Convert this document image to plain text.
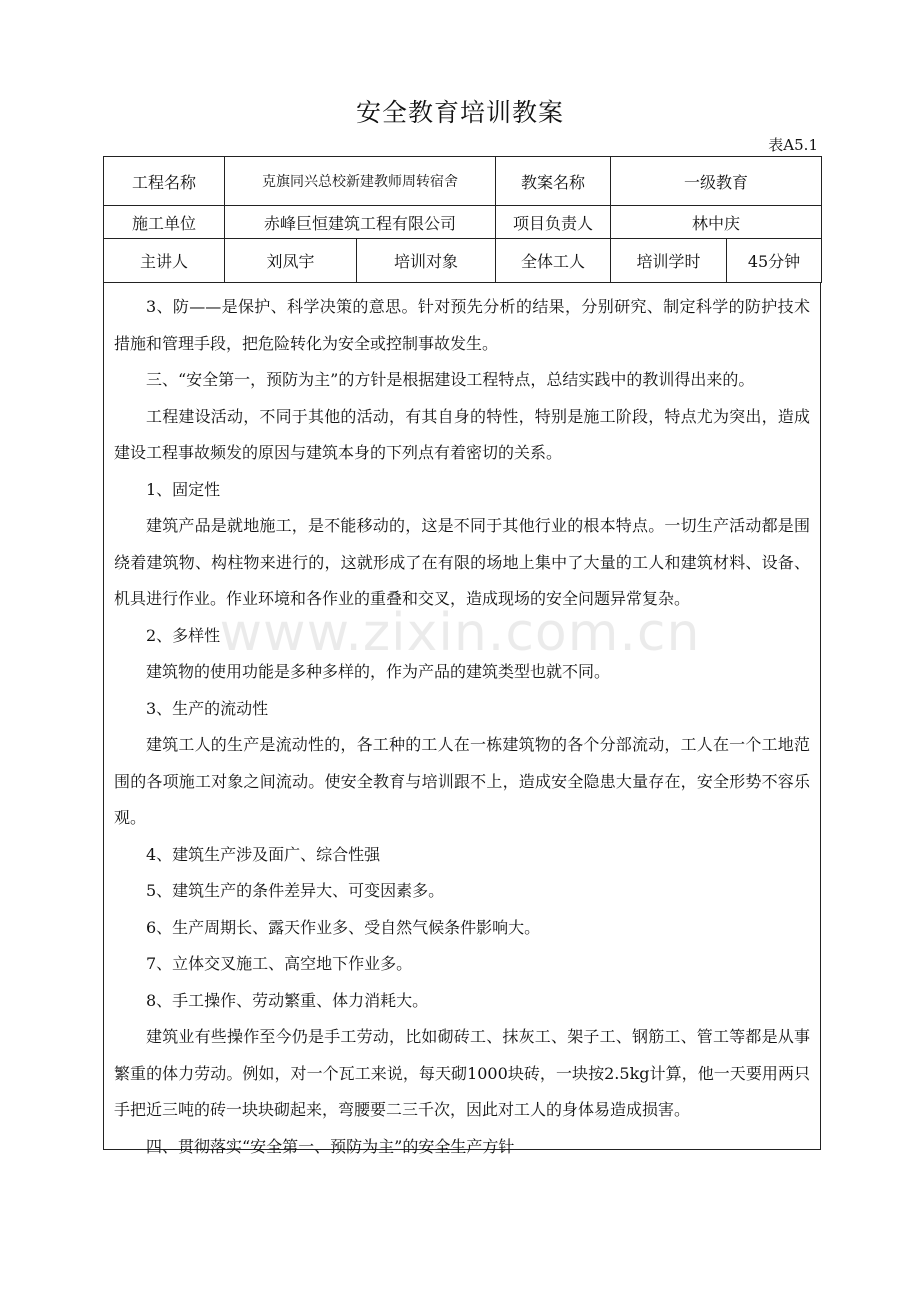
安全教育培训教案
表A5.1
工程名称	克旗同兴总校新建教师周转宿舍		教案名称	一级教育	
施工单位	赤峰巨恒建筑工程有限公司		项目负责人	林中庆	
主讲人	刘凤宇	培训对象	全体工人	培训学时	45分钟

3、防——是保护、科学决策的意思。针对预先分析的结果，分别研究、制定科学的防护技术措施和管理手段，把危险转化为安全或控制事故发生。

三、“安全第一，预防为主”的方针是根据建设工程特点，总结实践中的教训得出来的。

工程建设活动，不同于其他的活动，有其自身的特性，特别是施工阶段，特点尤为突出，造成建设工程事故频发的原因与建筑本身的下列点有着密切的关系。

1、固定性

建筑产品是就地施工，是不能移动的，这是不同于其他行业的根本特点。一切生产活动都是围绕着建筑物、构柱物来进行的，这就形成了在有限的场地上集中了大量的工人和建筑材料、设备、机具进行作业。作业环境和各作业的重叠和交叉，造成现场的安全问题异常复杂。

2、多样性

建筑物的使用功能是多种多样的，作为产品的建筑类型也就不同。

3、生产的流动性

建筑工人的生产是流动性的，各工种的工人在一栋建筑物的各个分部流动，工人在一个工地范围的各项施工对象之间流动。使安全教育与培训跟不上，造成安全隐患大量存在，安全形势不容乐观。

4、建筑生产涉及面广、综合性强

5、建筑生产的条件差异大、可变因素多。

6、生产周期长、露天作业多、受自然气候条件影响大。

7、立体交叉施工、高空地下作业多。

8、手工操作、劳动繁重、体力消耗大。

建筑业有些操作至今仍是手工劳动，比如砌砖工、抹灰工、架子工、钢筋工、管工等都是从事繁重的体力劳动。例如，对一个瓦工来说，每天砌1000块砖，一块按2.5kg计算，他一天要用两只手把近三吨的砖一块块砌起来，弯腰要二三千次，因此对工人的身体易造成损害。

四、贯彻落实“安全第一、预防为主”的安全生产方针

www.zixin.com.cn
